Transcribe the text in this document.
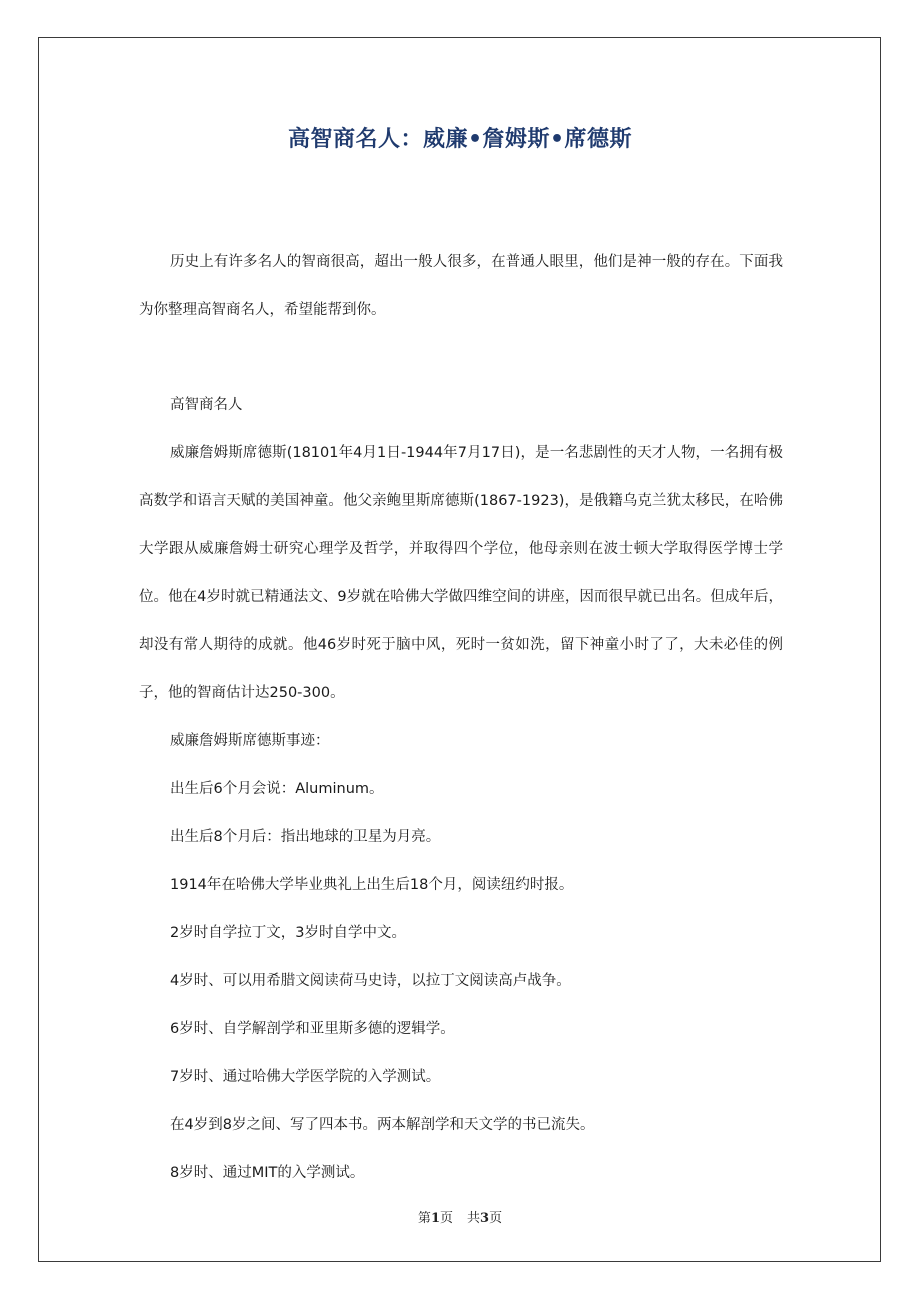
高智商名人：威廉•詹姆斯•席德斯

历史上有许多名人的智商很高，超出一般人很多，在普通人眼里，他们是神一般的存在。下面我为你整理高智商名人，希望能帮到你。

高智商名人

威廉詹姆斯席德斯(18101年4月1日-1944年7月17日)，是一名悲剧性的天才人物，一名拥有极高数学和语言天赋的美国神童。他父亲鲍里斯席德斯(1867-1923)，是俄籍乌克兰犹太移民，在哈佛大学跟从威廉詹姆士研究心理学及哲学，并取得四个学位，他母亲则在波士顿大学取得医学博士学位。他在4岁时就已精通法文、9岁就在哈佛大学做四维空间的讲座，因而很早就已出名。但成年后，却没有常人期待的成就。他46岁时死于脑中风，死时一贫如洗，留下神童小时了了，大未必佳的例子，他的智商估计达250-300。

威廉詹姆斯席德斯事迹：

出生后6个月会说：Aluminum。

出生后8个月后：指出地球的卫星为月亮。

1914年在哈佛大学毕业典礼上出生后18个月，阅读纽约时报。

2岁时自学拉丁文，3岁时自学中文。

4岁时、可以用希腊文阅读荷马史诗，以拉丁文阅读高卢战争。

6岁时、自学解剖学和亚里斯多德的逻辑学。

7岁时、通过哈佛大学医学院的入学测试。

在4岁到8岁之间、写了四本书。两本解剖学和天文学的书已流失。

8岁时、通过MIT的入学测试。

第1页 共3页
